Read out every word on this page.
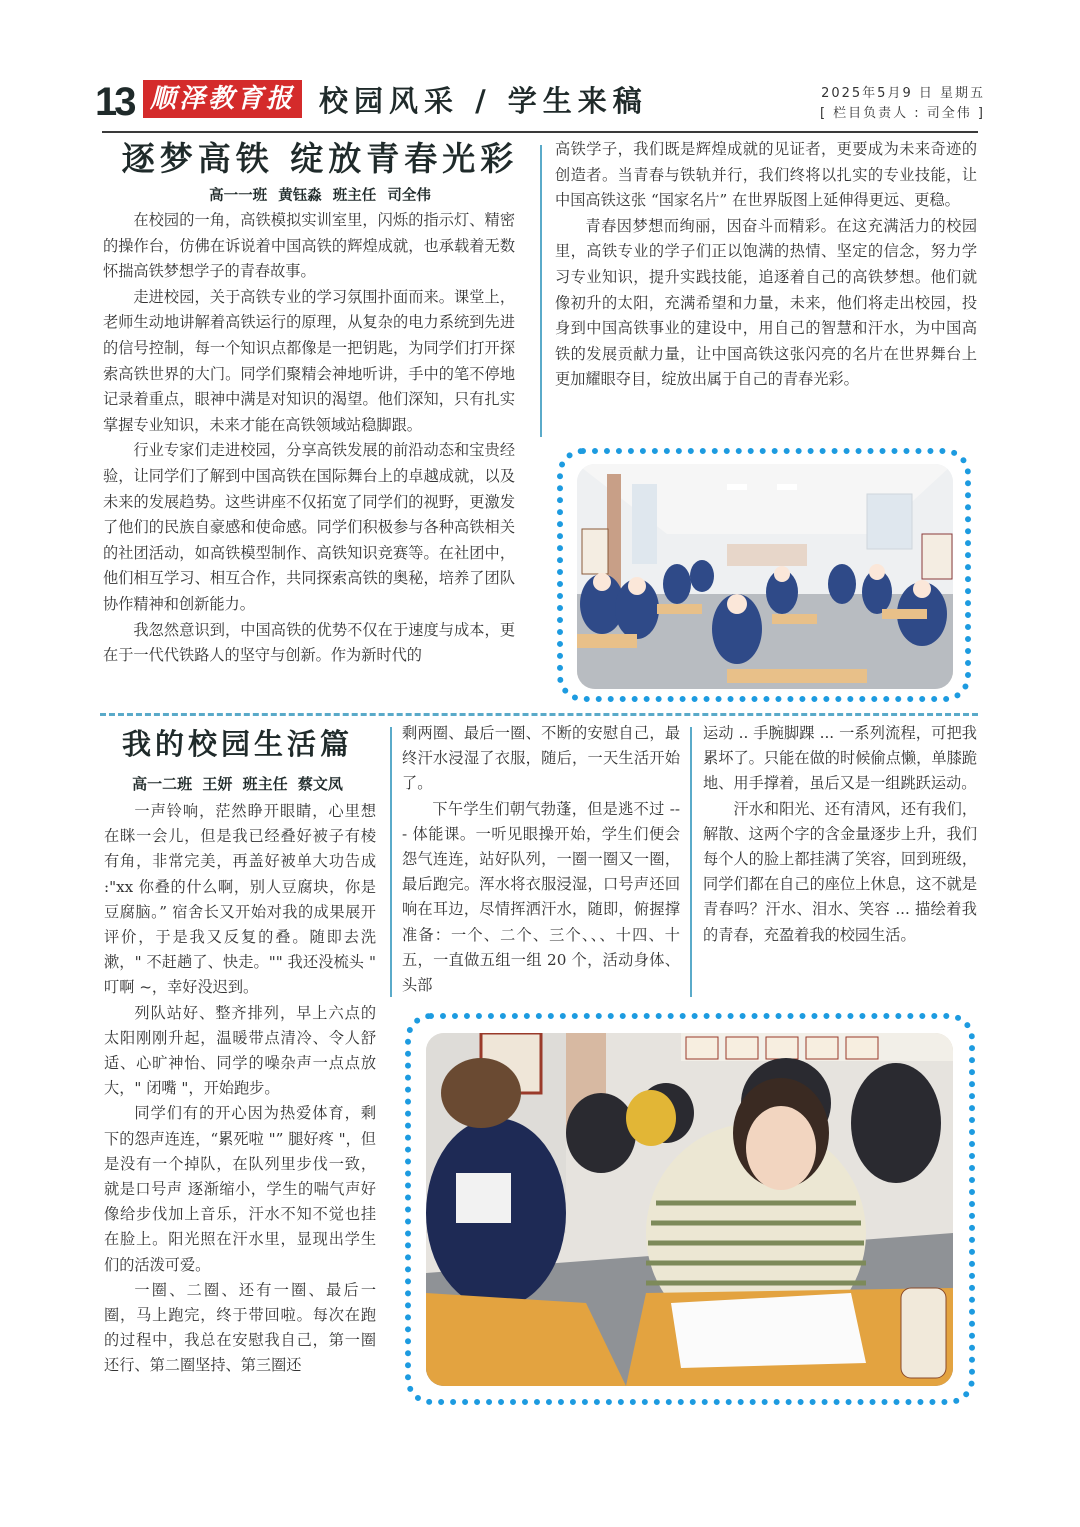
13 顺泽教育报 校园风采 / 学生来稿	2025年5月9 日 星期五
[ 栏目负责人 : 司全伟 ]
逐梦高铁 绽放青春光彩
高一一班 黄钰淼 班主任 司全伟

在校园的一角，高铁模拟实训室里，闪烁的指示灯、精密的操作台，仿佛在诉说着中国高铁的辉煌成就，也承载着无数怀揣高铁梦想学子的青春故事。

走进校园，关于高铁专业的学习氛围扑面而来。课堂上，老师生动地讲解着高铁运行的原理，从复杂的电力系统到先进的信号控制，每一个知识点都像是一把钥匙，为同学们打开探索高铁世界的大门。同学们聚精会神地听讲，手中的笔不停地记录着重点，眼神中满是对知识的渴望。他们深知，只有扎实掌握专业知识，未来才能在高铁领域站稳脚跟。

行业专家们走进校园，分享高铁发展的前沿动态和宝贵经验，让同学们了解到中国高铁在国际舞台上的卓越成就，以及未来的发展趋势。这些讲座不仅拓宽了同学们的视野，更激发了他们的民族自豪感和使命感。同学们积极参与各种高铁相关的社团活动，如高铁模型制作、高铁知识竞赛等。在社团中，他们相互学习、相互合作，共同探索高铁的奥秘，培养了团队协作精神和创新能力。

我忽然意识到，中国高铁的优势不仅在于速度与成本，更在于一代代铁路人的坚守与创新。作为新时代的

高铁学子，我们既是辉煌成就的见证者，更要成为未来奇迹的创造者。当青春与铁轨并行，我们终将以扎实的专业技能，让中国高铁这张 “国家名片” 在世界版图上延伸得更远、更稳。

青春因梦想而绚丽，因奋斗而精彩。在这充满活力的校园里，高铁专业的学子们正以饱满的热情、坚定的信念，努力学习专业知识，提升实践技能，追逐着自己的高铁梦想。他们就像初升的太阳，充满希望和力量，未来，他们将走出校园，投身到中国高铁事业的建设中，用自己的智慧和汗水，为中国高铁的发展贡献力量，让中国高铁这张闪亮的名片在世界舞台上更加耀眼夺目，绽放出属于自己的青春光彩。

我的校园生活篇
高一二班 王妍 班主任 蔡文凤

一声铃响，茫然睁开眼睛，心里想在眯一会儿，但是我已经叠好被子有棱有角，非常完美，再盖好被单大功告成 :"xx 你叠的什么啊，别人豆腐块，你是豆腐脑。” 宿舍长又开始对我的成果展开评价，于是我又反复的叠。随即去洗漱，" 不赶趟了、快走。"" 我还没梳头 " 叮啊 ~，幸好没迟到。

列队站好、整齐排列，早上六点的太阳刚刚升起，温暖带点清冷、令人舒适、心旷神怡、同学的噪杂声一点点放大，" 闭嘴 "，开始跑步。

同学们有的开心因为热爱体育，剩下的怨声连连，“累死啦 "” 腿好疼 "，但是没有一个掉队，在队列里步伐一致，就是口号声 逐渐缩小，学生的喘气声好像给步伐加上音乐，汗水不知不觉也挂在脸上。阳光照在汗水里，显现出学生们的活泼可爱。

一圈、二圈、还有一圈、最后一圈，马上跑完，终于带回啦。每次在跑的过程中，我总在安慰我自己，第一圈还行、第二圈坚持、第三圈还

剩两圈、最后一圈、不断的安慰自己，最终汗水浸湿了衣服，随后，一天生活开始了。

下午学生们朝气勃蓬，但是逃不过 --- 体能课。一听见眼操开始，学生们便会怨气连连，站好队列，一圈一圈又一圈，最后跑完。浑水将衣服浸湿，口号声还回响在耳边，尽情挥洒汗水，随即，俯握撑准备：一个、二个、三个、、、十四、十五，一直做五组一组 20 个，活动身体、头部

运动 .. 手腕脚踝 ... 一系列流程，可把我累坏了。只能在做的时候偷点懒，单膝跪地、用手撑着，虽后又是一组跳跃运动。

汗水和阳光、还有清风，还有我们，解散、这两个字的含金量逐步上升，我们每个人的脸上都挂满了笑容，回到班级，同学们都在自己的座位上休息，这不就是青春吗？汗水、泪水、笑容 ... 描绘着我的青春，充盈着我的校园生活。
